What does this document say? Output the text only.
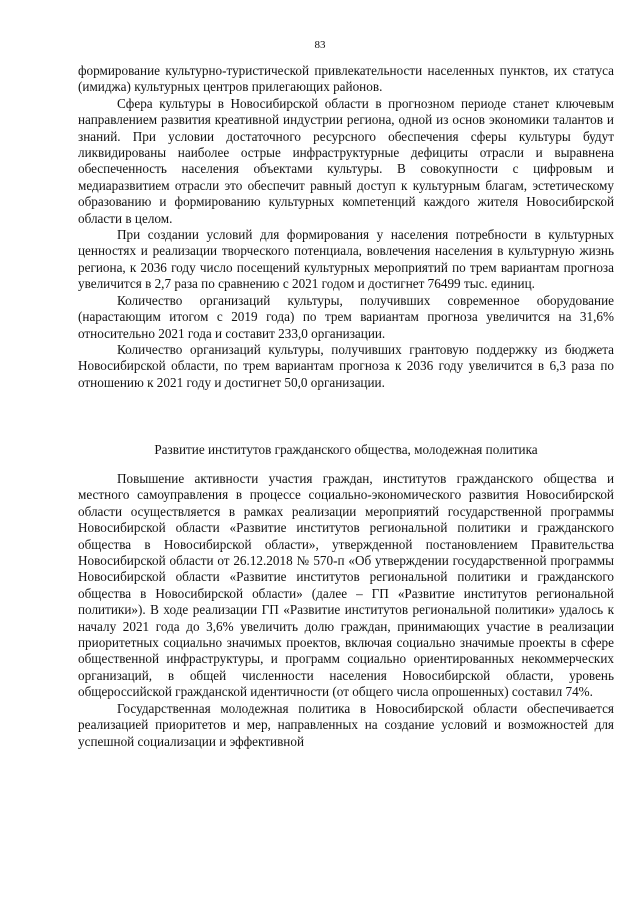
83

формирование культурно-туристической привлекательности населенных пунктов, их статуса (имиджа) культурных центров прилегающих районов.

Сфера культуры в Новосибирской области в прогнозном периоде станет ключевым направлением развития креативной индустрии региона, одной из основ экономики талантов и знаний. При условии достаточного ресурсного обеспечения сферы культуры будут ликвидированы наиболее острые инфраструктурные дефициты отрасли и выравнена обеспеченность населения объектами культуры. В совокупности с цифровым и медиаразвитием отрасли это обеспечит равный доступ к культурным благам, эстетическому образованию и формированию культурных компетенций каждого жителя Новосибирской области в целом.

При создании условий для формирования у населения потребности в культурных ценностях и реализации творческого потенциала, вовлечения населения в культурную жизнь региона, к 2036 году число посещений культурных мероприятий по трем вариантам прогноза увеличится в 2,7 раза по сравнению с 2021 годом и достигнет 76499 тыс. единиц.

Количество организаций культуры, получивших современное оборудование (нарастающим итогом с 2019 года) по трем вариантам прогноза увеличится на 31,6% относительно 2021 года и составит 233,0 организации.

Количество организаций культуры, получивших грантовую поддержку из бюджета Новосибирской области, по трем вариантам прогноза к 2036 году увеличится в 6,3 раза по отношению к 2021 году и достигнет 50,0 организации.

Развитие институтов гражданского общества, молодежная политика

Повышение активности участия граждан, институтов гражданского общества и местного самоуправления в процессе социально-экономического развития Новосибирской области осуществляется в рамках реализации мероприятий государственной программы Новосибирской области «Развитие институтов региональной политики и гражданского общества в Новосибирской области», утвержденной постановлением Правительства Новосибирской области от 26.12.2018 № 570-п «Об утверждении государственной программы Новосибирской области «Развитие институтов региональной политики и гражданского общества в Новосибирской области» (далее – ГП «Развитие институтов региональной политики»). В ходе реализации ГП «Развитие институтов региональной политики» удалось к началу 2021 года до 3,6% увеличить долю граждан, принимающих участие в реализации приоритетных социально значимых проектов, включая социально значимые проекты в сфере общественной инфраструктуры, и программ социально ориентированных некоммерческих организаций, в общей численности населения Новосибирской области, уровень общероссийской гражданской идентичности (от общего числа опрошенных) составил 74%.

Государственная молодежная политика в Новосибирской области обеспечивается реализацией приоритетов и мер, направленных на создание условий и возможностей для успешной социализации и эффективной
